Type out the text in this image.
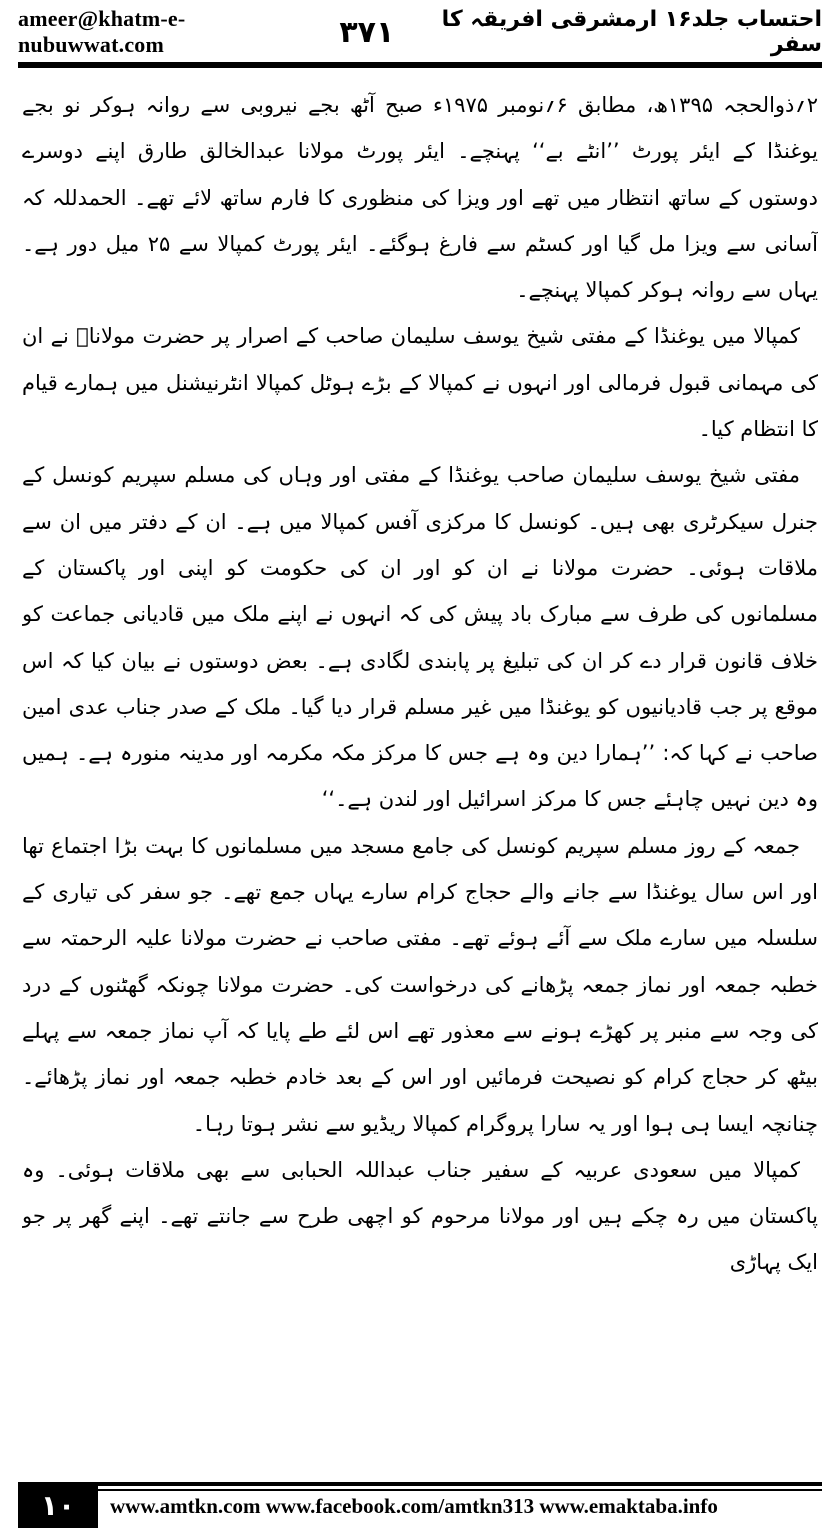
ameer@khatm-e-nubuwwat.com	۳۷۱	احتساب جلد۱۶ ارمشرقی افریقہ کا سفر

۲؍ذوالحجہ ۱۳۹۵ھ، مطابق ۶؍نومبر ۱۹۷۵ء صبح آٹھ بجے نیروبی سے روانہ ہوکر نو بجے یوغنڈا کے ایئر پورٹ ’’انٹے بے‘‘ پہنچے۔ ایئر پورٹ مولانا عبدالخالق طارق اپنے دوسرے دوستوں کے ساتھ انتظار میں تھے اور ویزا کی منظوری کا فارم ساتھ لائے تھے۔ الحمدللہ کہ آسانی سے ویزا مل گیا اور کسٹم سے فارغ ہوگئے۔ ایئر پورٹ کمپالا سے ۲۵ میل دور ہے۔ یہاں سے روانہ ہوکر کمپالا پہنچے۔

کمپالا میں یوغنڈا کے مفتی شیخ یوسف سلیمان صاحب کے اصرار پر حضرت مولاناؒ نے ان کی مہمانی قبول فرمالی اور انہوں نے کمپالا کے بڑے ہوٹل کمپالا انٹرنیشنل میں ہمارے قیام کا انتظام کیا۔

مفتی شیخ یوسف سلیمان صاحب یوغنڈا کے مفتی اور وہاں کی مسلم سپریم کونسل کے جنرل سیکرٹری بھی ہیں۔ کونسل کا مرکزی آفس کمپالا میں ہے۔ ان کے دفتر میں ان سے ملاقات ہوئی۔ حضرت مولانا نے ان کو اور ان کی حکومت کو اپنی اور پاکستان کے مسلمانوں کی طرف سے مبارک باد پیش کی کہ انہوں نے اپنے ملک میں قادیانی جماعت کو خلاف قانون قرار دے کر ان کی تبلیغ پر پابندی لگادی ہے۔ بعض دوستوں نے بیان کیا کہ اس موقع پر جب قادیانیوں کو یوغنڈا میں غیر مسلم قرار دیا گیا۔ ملک کے صدر جناب عدی امین صاحب نے کہا کہ: ’’ہمارا دین وہ ہے جس کا مرکز مکہ مکرمہ اور مدینہ منورہ ہے۔ ہمیں وہ دین نہیں چاہئے جس کا مرکز اسرائیل اور لندن ہے۔‘‘

جمعہ کے روز مسلم سپریم کونسل کی جامع مسجد میں مسلمانوں کا بہت بڑا اجتماع تھا اور اس سال یوغنڈا سے جانے والے حجاج کرام سارے یہاں جمع تھے۔ جو سفر کی تیاری کے سلسلہ میں سارے ملک سے آئے ہوئے تھے۔ مفتی صاحب نے حضرت مولانا علیہ الرحمتہ سے خطبہ جمعہ اور نماز جمعہ پڑھانے کی درخواست کی۔ حضرت مولانا چونکہ گھٹنوں کے درد کی وجہ سے منبر پر کھڑے ہونے سے معذور تھے اس لئے طے پایا کہ آپ نماز جمعہ سے پہلے بیٹھ کر حجاج کرام کو نصیحت فرمائیں اور اس کے بعد خادم خطبہ جمعہ اور نماز پڑھائے۔ چنانچہ ایسا ہی ہوا اور یہ سارا پروگرام کمپالا ریڈیو سے نشر ہوتا رہا۔

کمپالا میں سعودی عربیہ کے سفیر جناب عبداللہ الحبابی سے بھی ملاقات ہوئی۔ وہ پاکستان میں رہ چکے ہیں اور مولانا مرحوم کو اچھی طرح سے جانتے تھے۔ اپنے گھر پر جو ایک پہاڑی

۱۰	www.amtkn.com www.facebook.com/amtkn313 www.emaktaba.info
